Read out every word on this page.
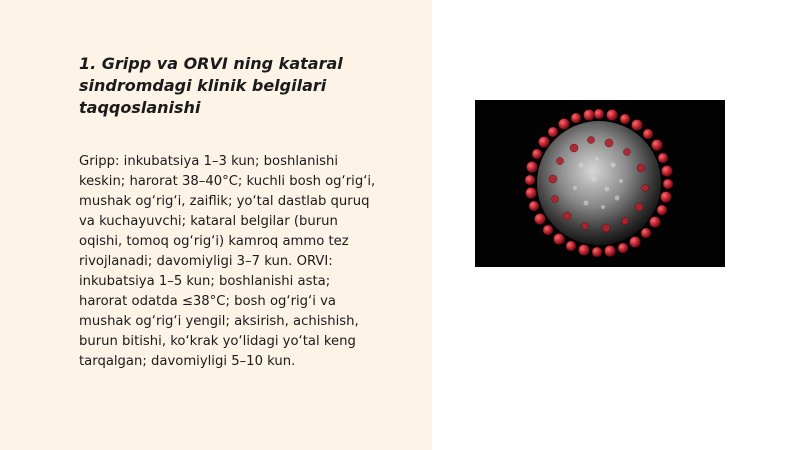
1. Gripp va ORVI ning kataral
sindromdagi klinik belgilari
taqqoslanishi

Gripp: inkubatsiya 1–3 kun; boshlanishi
keskin; harorat 38–40°C; kuchli bosh og‘rig‘i,
mushak og‘rig‘i, zaiflik; yo‘tal dastlab quruq
va kuchayuvchi; kataral belgilar (burun
oqishi, tomoq og‘rig‘i) kamroq ammo tez
rivojlanadi; davomiyligi 3–7 kun. ORVI:
inkubatsiya 1–5 kun; boshlanishi asta;
harorat odatda ≤38°C; bosh og‘rig‘i va
mushak og‘rig‘i yengil; aksirish, achishish,
burun bitishi, ko‘krak yo‘lidagi yo‘tal keng
tarqalgan; davomiyligi 5–10 kun.
